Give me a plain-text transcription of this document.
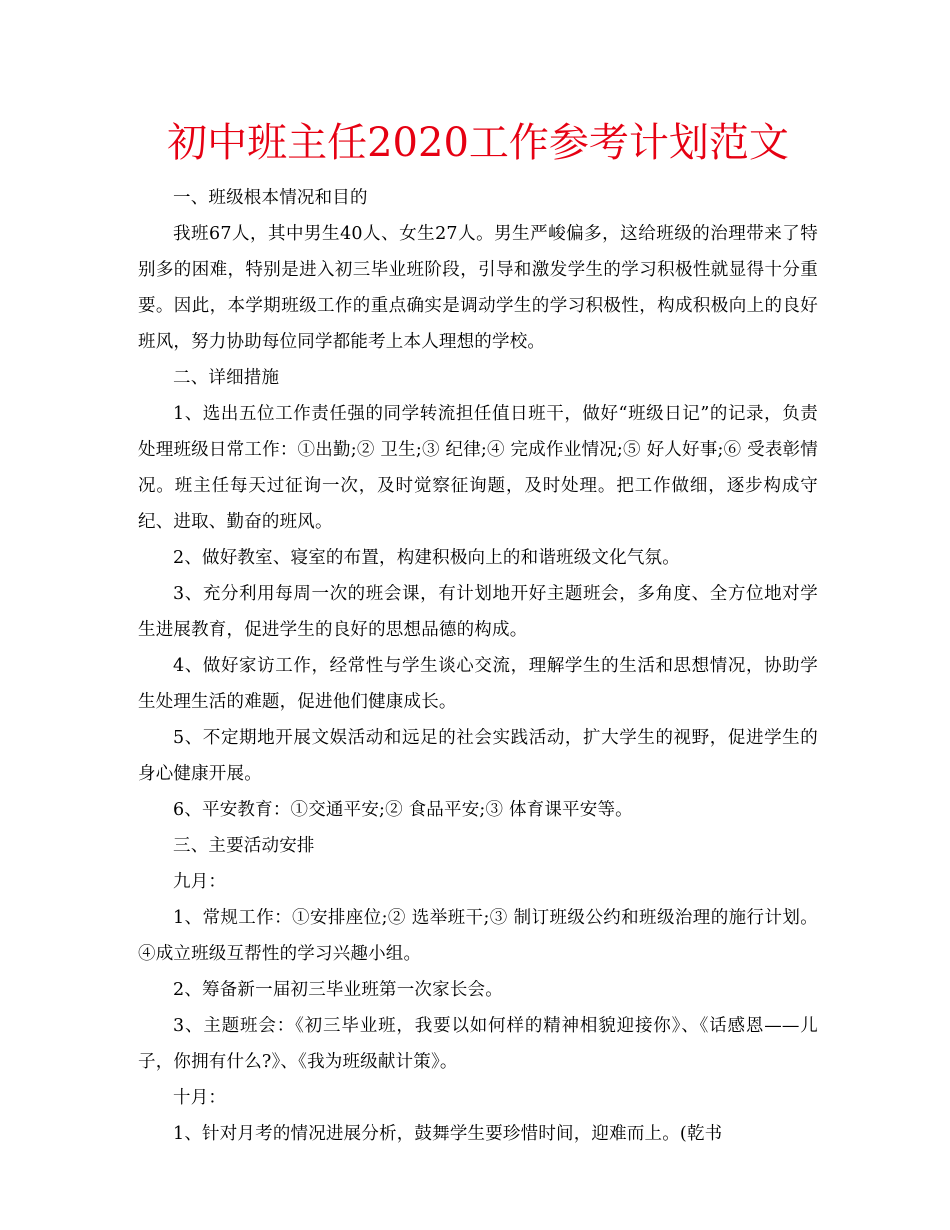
初中班主任2020工作参考计划范文

一、班级根本情况和目的

我班67人，其中男生40人、女生27人。男生严峻偏多，这给班级的治理带来了特别多的困难，特别是进入初三毕业班阶段，引导和激发学生的学习积极性就显得十分重要。因此，本学期班级工作的重点确实是调动学生的学习积极性，构成积极向上的良好班风，努力协助每位同学都能考上本人理想的学校。

二、详细措施

1、选出五位工作责任强的同学转流担任值日班干，做好“班级日记”的记录，负责处理班级日常工作：①出勤;② 卫生;③ 纪律;④ 完成作业情况;⑤ 好人好事;⑥ 受表彰情况。班主任每天过征询一次，及时觉察征询题，及时处理。把工作做细，逐步构成守纪、进取、勤奋的班风。

2、做好教室、寝室的布置，构建积极向上的和谐班级文化气氛。

3、充分利用每周一次的班会课，有计划地开好主题班会，多角度、全方位地对学生进展教育，促进学生的良好的思想品德的构成。

4、做好家访工作，经常性与学生谈心交流，理解学生的生活和思想情况，协助学生处理生活的难题，促进他们健康成长。

5、不定期地开展文娱活动和远足的社会实践活动，扩大学生的视野，促进学生的身心健康开展。

6、平安教育：①交通平安;② 食品平安;③ 体育课平安等。

三、主要活动安排

九月：

1、常规工作：①安排座位;② 选举班干;③ 制订班级公约和班级治理的施行计划。④成立班级互帮性的学习兴趣小组。

2、筹备新一届初三毕业班第一次家长会。

3、主题班会：《初三毕业班，我要以如何样的精神相貌迎接你》、《话感恩——儿子，你拥有什么?》、《我为班级献计策》。

十月：

1、针对月考的情况进展分析，鼓舞学生要珍惜时间，迎难而上。(乾书
